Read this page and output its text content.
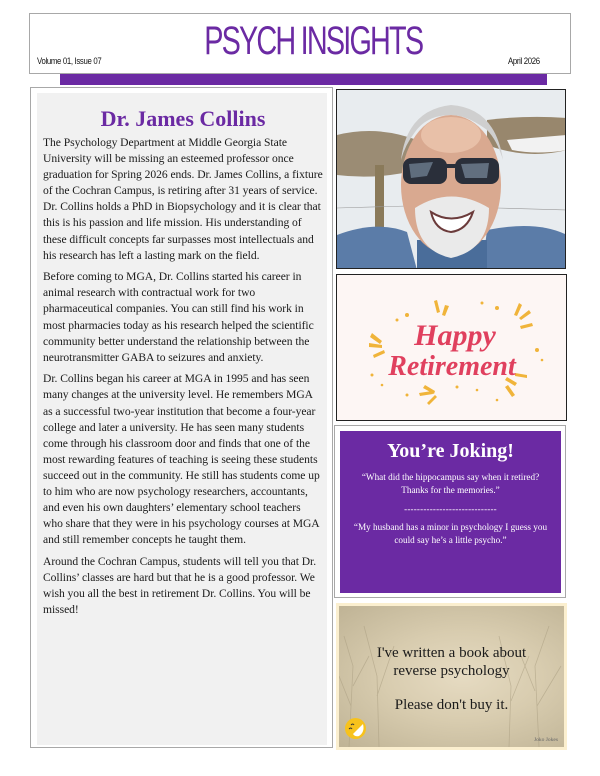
Volume 01, Issue 07	PSYCH INSIGHTS	April 2026
Dr. James Collins

The Psychology Department at Middle Georgia State University will be missing an esteemed professor once graduation for Spring 2026 ends. Dr. James Collins, a fixture of the Cochran Campus, is retiring after 31 years of service. Dr. Collins holds a PhD in Biopsychology and it is clear that this is his passion and life mission. His understanding of these difficult concepts far surpasses most intellectuals and his research has left a lasting mark on the field.

Before coming to MGA, Dr. Collins started his career in animal research with contractual work for two pharmaceutical companies. You can still find his work in most pharmacies today as his research helped the scientific community better understand the relationship between the neurotransmitter GABA to seizures and anxiety.

Dr. Collins began his career at MGA in 1995 and has seen many changes at the university level. He remembers MGA as a successful two-year institution that become a four-year college and later a university. He has seen many students come through his classroom door and finds that one of the most rewarding features of teaching is seeing these students succeed out in the community. He still has students come up to him who are now psychology researchers, accountants, and even his own daughters’ elementary school teachers who share that they were in his psychology courses at MGA and still remember concepts he taught them.

Around the Cochran Campus, students will tell you that Dr. Collins’ classes are hard but that he is a good professor. We wish you all the best in retirement Dr. Collins. You will be missed!

Happy
Retirement
You’re Joking!

“What did the hippocampus say when it retired? Thanks for the memories.”

-----------------------------

“My husband has a minor in psychology I guess you could say he’s a little psycho.”

I've written a book about
reverse psychology
Please don't buy it.
Joko Jokes
